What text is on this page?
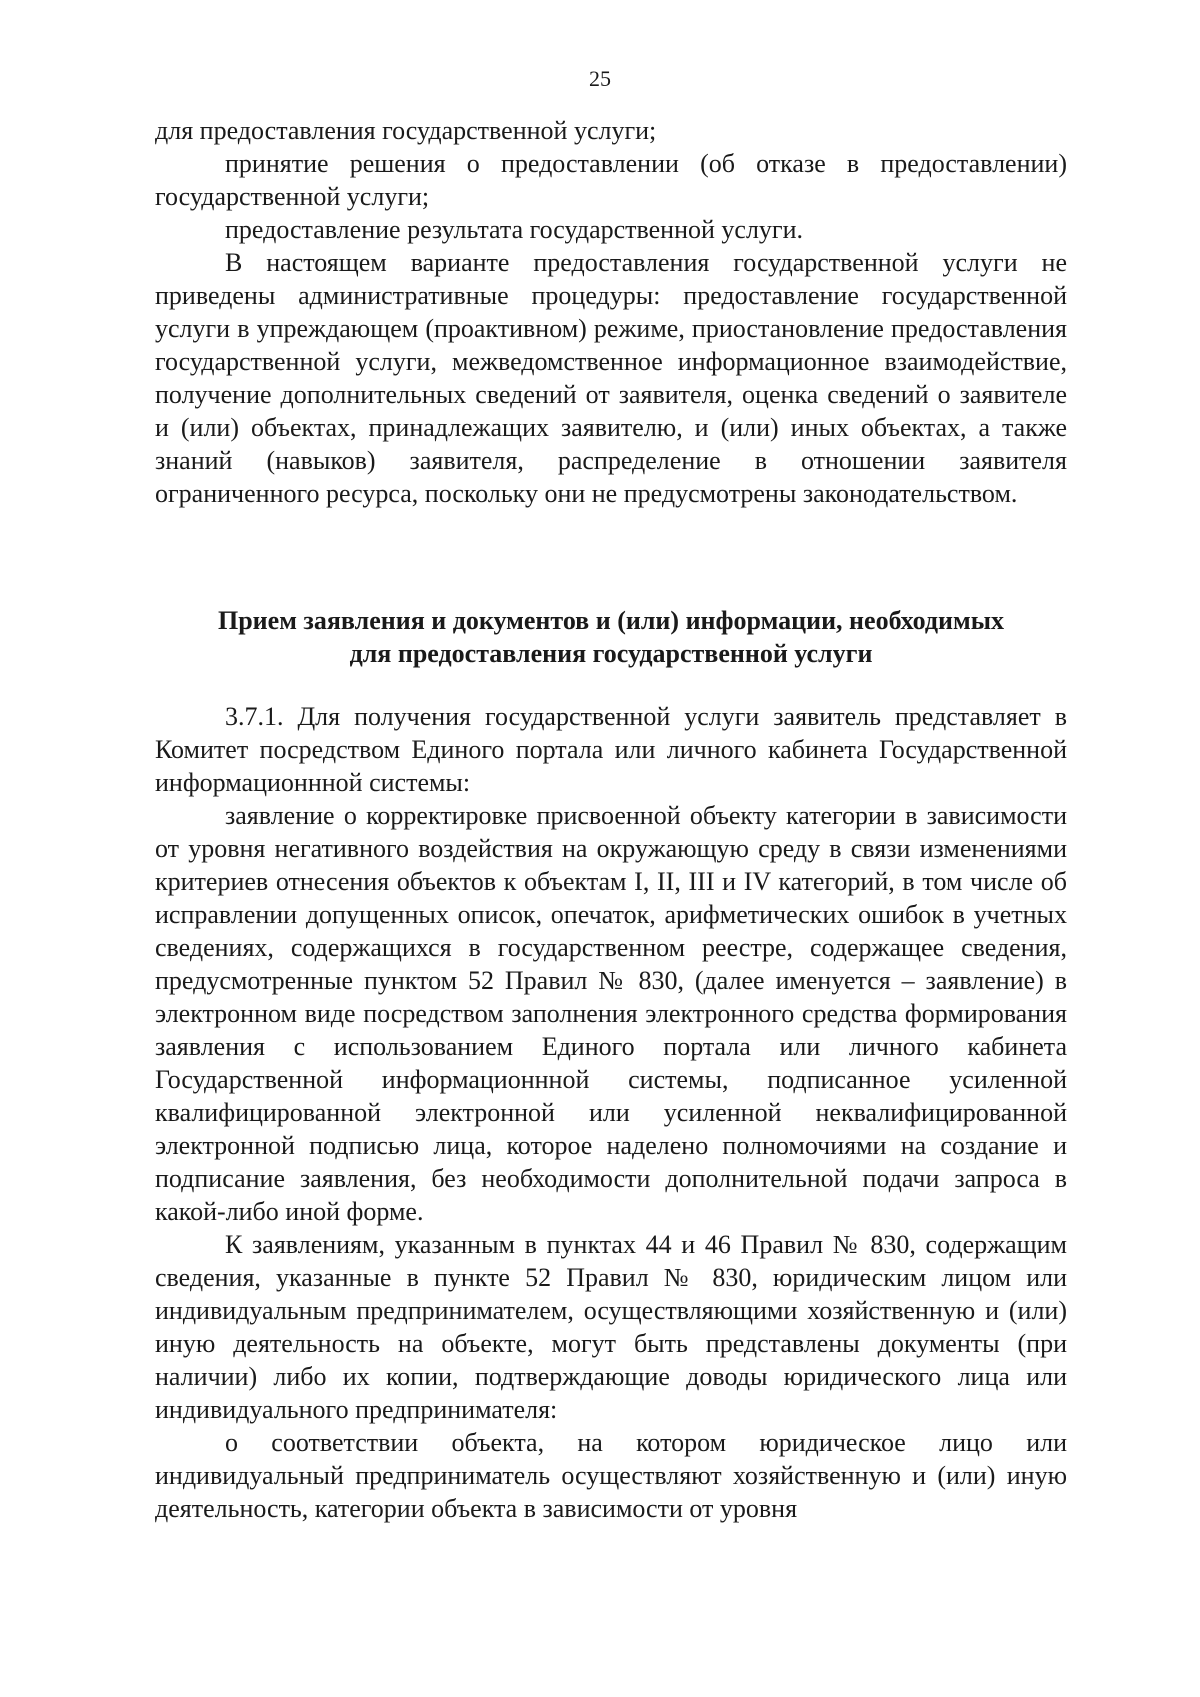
25

для предоставления государственной услуги;

принятие решения о предоставлении (об отказе в предоставлении) государственной услуги;

предоставление результата государственной услуги.

В настоящем варианте предоставления государственной услуги не приведены административные процедуры: предоставление государственной услуги в упреждающем (проактивном) режиме, приостановление предоставления государственной услуги, межведомственное информационное взаимодействие, получение дополнительных сведений от заявителя, оценка сведений о заявителе и (или) объектах, принадлежащих заявителю, и (или) иных объектах, а также знаний (навыков) заявителя, распределение в отношении заявителя ограниченного ресурса, поскольку они не предусмотрены законодательством.

Прием заявления и документов и (или) информации, необходимых
для предоставления государственной услуги

3.7.1. Для получения государственной услуги заявитель представляет в Комитет посредством Единого портала или личного кабинета Государственной информационнной системы:

заявление о корректировке присвоенной объекту категории в зависимости от уровня негативного воздействия на окружающую среду в связи изменениями критериев отнесения объектов к объектам I, II, III и IV категорий, в том числе об исправлении допущенных описок, опечаток, арифметических ошибок в учетных сведениях, содержащихся в государственном реестре, содержащее сведения, предусмотренные пунктом 52 Правил № 830, (далее именуется – заявление) в электронном виде посредством заполнения электронного средства формирования заявления с использованием Единого портала или личного кабинета Государственной информационнной системы, подписанное усиленной квалифицированной электронной или усиленной неквалифицированной электронной подписью лица, которое наделено полномочиями на создание и подписание заявления, без необходимости дополнительной подачи запроса в какой-либо иной форме.

К заявлениям, указанным в пунктах 44 и 46 Правил № 830, содержащим сведения, указанные в пункте 52 Правил № 830, юридическим лицом или индивидуальным предпринимателем, осуществляющими хозяйственную и (или) иную деятельность на объекте, могут быть представлены документы (при наличии) либо их копии, подтверждающие доводы юридического лица или индивидуального предпринимателя:

о соответствии объекта, на котором юридическое лицо или индивидуальный предприниматель осуществляют хозяйственную и (или) иную деятельность, категории объекта в зависимости от уровня
